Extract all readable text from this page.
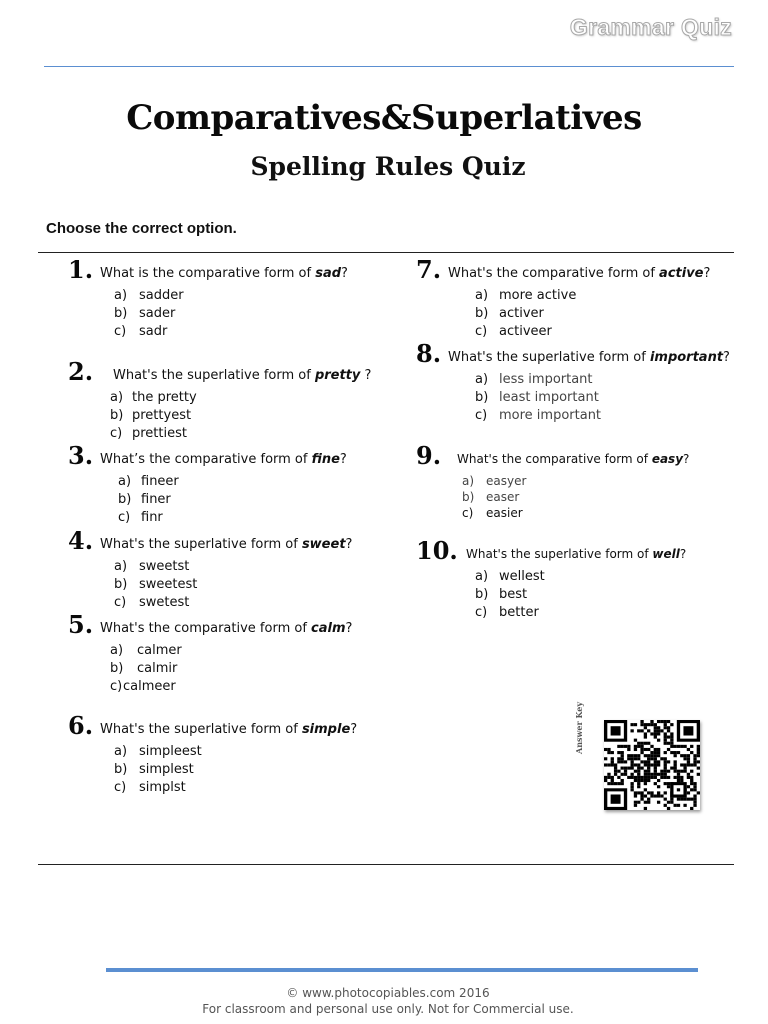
Grammar Quiz
Comparatives&Superlatives
Spelling Rules Quiz
Choose the correct option.
1. What is the comparative form of sad?
a) sadder
b) sader
c) sadr
2. What's the superlative form of pretty ?
a) the pretty
b) prettyest
c) prettiest
3. What’s the comparative form of fine?
a) fineer
b) finer
c) finr
4. What's the superlative form of sweet?
a) sweetst
b) sweetest
c) swetest
5. What's the comparative form of calm?
a) calmer
b) calmir
c) calmeer
6. What's the superlative form of simple?
a) simpleest
b) simplest
c) simplst
7. What's the comparative form of active?
a) more active
b) activer
c) activeer
8. What's the superlative form of important?
a) less important
b) least important
c) more important
9. What's the comparative form of easy?
a) easyer
b) easer
c) easier
10. What's the superlative form of well?
a) wellest
b) best
c) better
Answer Key
© www.photocopiables.com 2016
For classroom and personal use only. Not for Commercial use.
